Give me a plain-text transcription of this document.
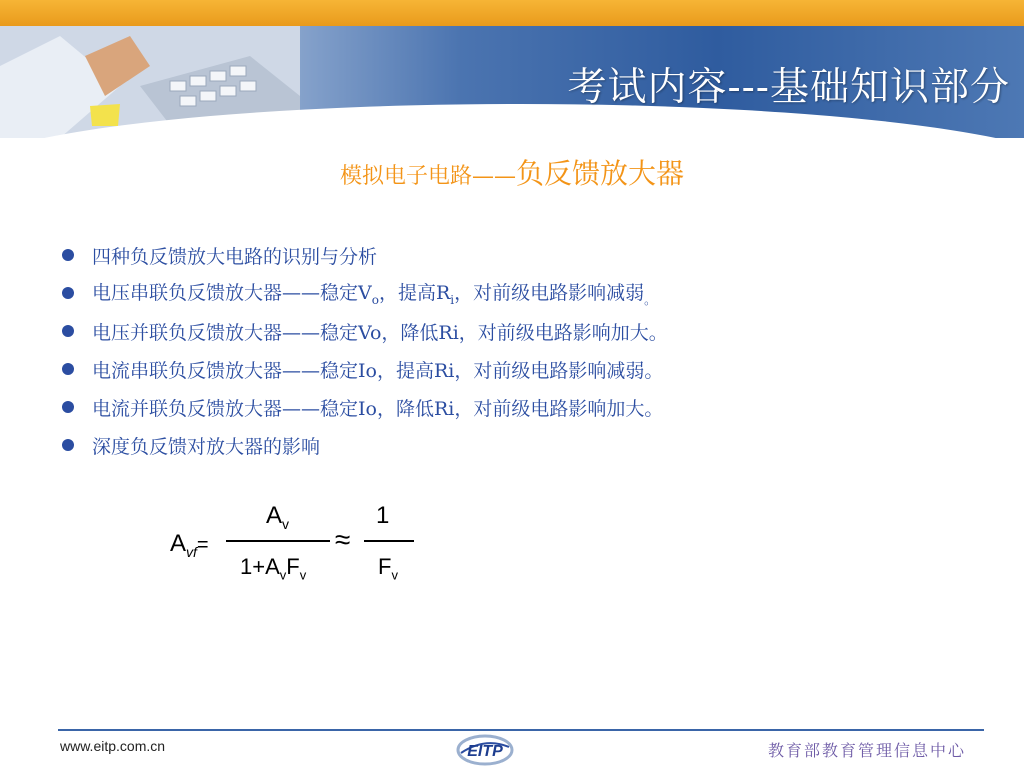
考试内容---基础知识部分
模拟电子电路——负反馈放大器
四种负反馈放大电路的识别与分析
电压串联负反馈放大器——稳定$V_o$，提高$R_i$，对前级电路影响减弱$_。$
电压并联负反馈放大器——稳定Vo，降低Ri，对前级电路影响加大。
电流串联负反馈放大器——稳定Io，提高Ri，对前级电路影响减弱。
电流并联负反馈放大器——稳定Io，降低Ri，对前级电路影响加大。
深度负反馈对放大器的影响
$A_{vf}=$
$A_v$
$1+A_vF_v$
≈
1
$F_v$
www.eitp.com.cn	EITP	教育部教育管理信息中心
